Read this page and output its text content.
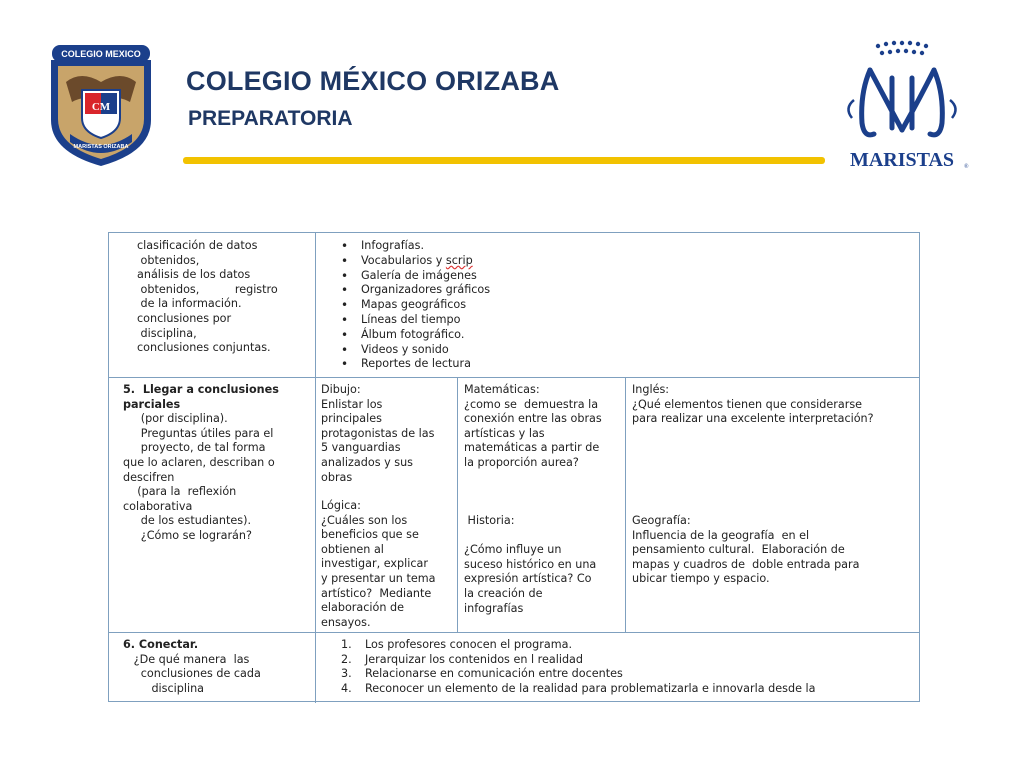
COLEGIO MEXICO
CM
MARISTAS ORIZABA
COLEGIO MÉXICO ORIZABA
PREPARATORIA
MARISTAS ®
clasificación de datos
obtenidos,
análisis de los datos
obtenidos,          registro
de la información.
conclusiones por
disciplina,
conclusiones conjuntas.
• Infografías.
• Vocabularios y scrip
• Galería de imágenes
• Organizadores gráficos
• Mapas geográficos
• Líneas del tiempo
• Álbum fotográfico.
• Videos y sonido
• Reportes de lectura
5.  Llegar a conclusiones
parciales
(por disciplina).
Preguntas útiles para el
proyecto, de tal forma
que lo aclaren, describan o
descifren
(para la  reflexión
colaborativa
de los estudiantes).
¿Cómo se lograrán?
Dibujo:
Enlistar los
principales
protagonistas de las
5 vanguardias
analizados y sus
obras
Lógica:
¿Cuáles son los
beneficios que se
obtienen al
investigar, explicar
y presentar un tema
artístico?  Mediante
elaboración de
ensayos.
Matemáticas:
¿como se  demuestra la
conexión entre las obras
artísticas y las
matemáticas a partir de
la proporción aurea?
Historia:
¿Cómo influye un
suceso histórico en una
expresión artística? Co
la creación de
infografías
Inglés:
¿Qué elementos tienen que considerarse
para realizar una excelente interpretación?
Geografía:
Influencia de la geografía  en el
pensamiento cultural.  Elaboración de
mapas y cuadros de  doble entrada para
ubicar tiempo y espacio.
6. Conectar.
¿De qué manera  las
conclusiones de cada
disciplina
1. Los profesores conocen el programa.
2. Jerarquizar los contenidos en l realidad
3. Relacionarse en comunicación entre docentes
4. Reconocer un elemento de la realidad para problematizarla e innovarla desde la
